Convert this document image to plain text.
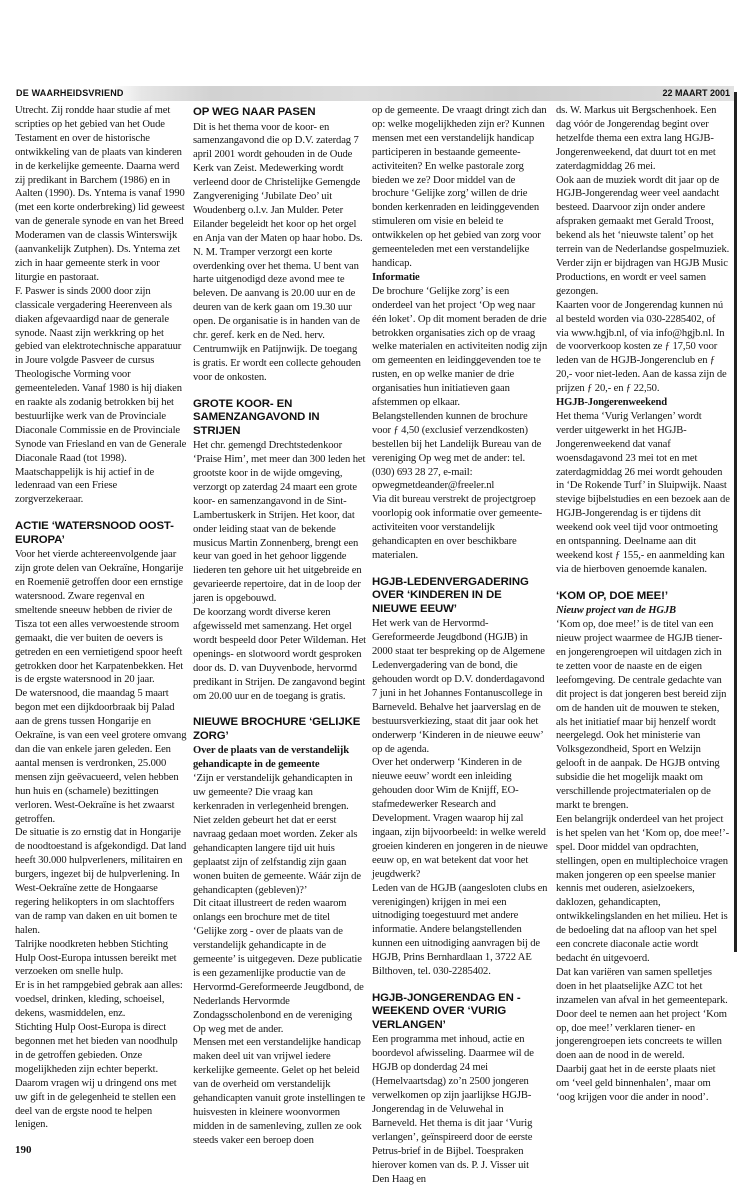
DE WAARHEIDSVRIEND	22 MAART 2001

Utrecht. Zij rondde haar studie af met scripties op het gebied van het Oude Testament en over de historische ontwikkeling van de plaats van kinderen in de kerkelijke gemeente. Daarna werd zij predikant in Barchem (1986) en in Aalten (1990). Ds. Yntema is vanaf 1990 (met een korte onderbreking) lid geweest van de generale synode en van het Breed Moderamen van de classis Winterswijk (aanvankelijk Zutphen). Ds. Yntema zet zich in haar gemeente sterk in voor liturgie en pastoraat.

F. Paswer is sinds 2000 door zijn classicale vergadering Heerenveen als diaken afgevaardigd naar de generale synode. Naast zijn werkkring op het gebied van elektrotechnische apparatuur in Joure volgde Pasveer de cursus Theologische Vorming voor gemeenteleden. Vanaf 1980 is hij diaken en raakte als zodanig betrokken bij het bestuurlijke werk van de Provinciale Diaconale Commissie en de Provinciale Synode van Friesland en van de Generale Diaconale Raad (tot 1998). Maatschappelijk is hij actief in de ledenraad van een Friese zorgverzekeraar.

ACTIE ‘WATERSNOOD OOST-EUROPA’

Voor het vierde achtereenvolgende jaar zijn grote delen van Oekraïne, Hongarije en Roemenië getroffen door een ernstige watersnood. Zware regenval en smeltende sneeuw hebben de rivier de Tisza tot een alles verwoestende stroom gemaakt, die ver buiten de oevers is getreden en een vernietigend spoor heeft getrokken door het Karpatenbekken. Het is de ergste watersnood in 20 jaar.

De watersnood, die maandag 5 maart begon met een dijkdoorbraak bij Palad aan de grens tussen Hongarije en Oekraïne, is van een veel grotere omvang dan die van enkele jaren geleden. Een aantal mensen is verdronken, 25.000 mensen zijn geëvacueerd, velen hebben hun huis en (schamele) bezittingen verloren. West-Oekraïne is het zwaarst getroffen.

De situatie is zo ernstig dat in Hongarije de noodtoestand is afgekondigd. Dat land heeft 30.000 hulpverleners, militairen en burgers, ingezet bij de hulpverlening. In West-Oekraïne zette de Hongaarse regering helikopters in om slachtoffers van de ramp van daken en uit bomen te halen.

Talrijke noodkreten hebben Stichting Hulp Oost-Europa intussen bereikt met verzoeken om snelle hulp.

Er is in het rampgebied gebrak aan alles: voedsel, drinken, kleding, schoeisel, dekens, wasmiddelen, enz.

Stichting Hulp Oost-Europa is direct begonnen met het bieden van noodhulp in de getroffen gebieden. Onze mogelijkheden zijn echter beperkt. Daarom vragen wij u dringend ons met uw gift in de gelegenheid te stellen een deel van de ergste nood te helpen lenigen.

OP WEG NAAR PASEN

Dit is het thema voor de koor- en samenzangavond die op D.V. zaterdag 7 april 2001 wordt gehouden in de Oude Kerk van Zeist. Medewerking wordt verleend door de Christelijke Gemengde Zangvereniging ‘Jubilate Deo’ uit Woudenberg o.l.v. Jan Mulder. Peter Eilander begeleidt het koor op het orgel en Anja van der Maten op haar hobo. Ds. N. M. Tramper verzorgt een korte overdenking over het thema. U bent van harte uitgenodigd deze avond mee te beleven. De aanvang is 20.00 uur en de deuren van de kerk gaan om 19.30 uur open. De organisatie is in handen van de chr. geref. kerk en de Ned. herv. Centrumwijk en Patijnwijk. De toegang is gratis. Er wordt een collecte gehouden voor de onkosten.

GROTE KOOR- EN SAMENZANGAVOND IN STRIJEN

Het chr. gemengd Drechtstedenkoor ‘Praise Him’, met meer dan 300 leden het grootste koor in de wijde omgeving, verzorgt op zaterdag 24 maart een grote koor- en samenzangavond in de Sint-Lambertuskerk in Strijen. Het koor, dat onder leiding staat van de bekende musicus Martin Zonnenberg, brengt een keur van goed in het gehoor liggende liederen ten gehore uit het uitgebreide en gevarieerde repertoire, dat in de loop der jaren is opgebouwd.

De koorzang wordt diverse keren afgewisseld met samenzang. Het orgel wordt bespeeld door Peter Wildeman. Het openings- en slotwoord wordt gesproken door ds. D. van Duyvenbode, hervormd predikant in Strijen. De zangavond begint om 20.00 uur en de toegang is gratis.

NIEUWE BROCHURE ‘GELIJKE ZORG’

Over de plaats van de verstandelijk gehandicapte in de gemeente

‘Zijn er verstandelijk gehandicapten in uw gemeente? Die vraag kan kerkenraden in verlegenheid brengen. Niet zelden gebeurt het dat er eerst navraag gedaan moet worden. Zeker als gehandicapten langere tijd uit huis geplaatst zijn of zelfstandig zijn gaan wonen buiten de gemeente. Wáár zijn de gehandicapten (gebleven)?’

Dit citaat illustreert de reden waarom onlangs een brochure met de titel ‘Gelijke zorg - over de plaats van de verstandelijk gehandicapte in de gemeente’ is uitgegeven. Deze publicatie is een gezamenlijke productie van de Hervormd-Gereformeerde Jeugdbond, de Nederlands Hervormde Zondagsscholenbond en de vereniging Op weg met de ander.

Mensen met een verstandelijke handicap maken deel uit van vrijwel iedere kerkelijke gemeente. Gelet op het beleid van de overheid om verstandelijk gehandicapten vanuit grote instellingen te huisvesten in kleinere woonvormen midden in de samenleving, zullen ze ook steeds vaker een beroep doen

op de gemeente. De vraagt dringt zich dan op: welke mogelijkheden zijn er? Kunnen mensen met een verstandelijk handicap participeren in bestaande gemeente-activiteiten? En welke pastorale zorg bieden we ze? Door middel van de brochure ‘Gelijke zorg’ willen de drie bonden kerkenraden en leidinggevenden stimuleren om visie en beleid te ontwikkelen op het gebied van zorg voor gemeenteleden met een verstandelijke handicap.

Informatie

De brochure ‘Gelijke zorg’ is een onderdeel van het project ‘Op weg naar één loket’. Op dit moment beraden de drie betrokken organisaties zich op de vraag welke materialen en activiteiten nodig zijn om gemeenten en leidinggevenden toe te rusten, en op welke manier de drie organisaties hun initiatieven gaan afstemmen op elkaar.

Belangstellenden kunnen de brochure voor ƒ 4,50 (exclusief verzendkosten) bestellen bij het Landelijk Bureau van de vereniging Op weg met de ander: tel. (030) 693 28 27, e-mail: opwegmetdeander@freeler.nl

Via dit bureau verstrekt de projectgroep voorlopig ook informatie over gemeente-activiteiten voor verstandelijk gehandicapten en over beschikbare materialen.

HGJB-LEDENVERGADERING OVER ‘KINDEREN IN DE NIEUWE EEUW’

Het werk van de Hervormd-Gereformeerde Jeugdbond (HGJB) in 2000 staat ter bespreking op de Algemene Ledenvergadering van de bond, die gehouden wordt op D.V. donderdagavond 7 juni in het Johannes Fontanuscollege in Barneveld. Behalve het jaarverslag en de bestuursverkiezing, staat dit jaar ook het onderwerp ‘Kinderen in de nieuwe eeuw’ op de agenda.

Over het onderwerp ‘Kinderen in de nieuwe eeuw’ wordt een inleiding gehouden door Wim de Knijff, EO-stafmedewerker Research and Development. Vragen waarop hij zal ingaan, zijn bijvoorbeeld: in welke wereld groeien kinderen en jongeren in de nieuwe eeuw op, en wat betekent dat voor het jeugdwerk?

Leden van de HGJB (aangesloten clubs en verenigingen) krijgen in mei een uitnodiging toegestuurd met andere informatie. Andere belangstellenden kunnen een uitnodiging aanvragen bij de HGJB, Prins Bernhardlaan 1, 3722 AE Bilthoven, tel. 030-2285402.

HGJB-JONGERENDAG EN -WEEKEND OVER ‘VURIG VERLANGEN’

Een programma met inhoud, actie en boordevol afwisseling. Daarmee wil de HGJB op donderdag 24 mei (Hemelvaartsdag) zo’n 2500 jongeren verwelkomen op zijn jaarlijkse HGJB-Jongerendag in de Veluwehal in Barneveld. Het thema is dit jaar ‘Vurig verlangen’, geïnspireerd door de eerste Petrus-brief in de Bijbel. Toespraken hierover komen van ds. P. J. Visser uit Den Haag en

ds. W. Markus uit Bergschenhoek. Een dag vóór de Jongerendag begint over hetzelfde thema een extra lang HGJB-Jongerenweekend, dat duurt tot en met zaterdagmiddag 26 mei.

Ook aan de muziek wordt dit jaar op de HGJB-Jongerendag weer veel aandacht besteed. Daarvoor zijn onder andere afspraken gemaakt met Gerald Troost, bekend als het ‘nieuwste talent’ op het terrein van de Nederlandse gospelmuziek. Verder zijn er bijdragen van HGJB Music Productions, en wordt er veel samen gezongen.

Kaarten voor de Jongerendag kunnen nú al besteld worden via 030-2285402, of via www.hgjb.nl, of via info@hgjb.nl. In de voorverkoop kosten ze ƒ 17,50 voor leden van de HGJB-Jongerenclub en ƒ 20,- voor niet-leden. Aan de kassa zijn de prijzen ƒ 20,- en ƒ 22,50.

HGJB-Jongerenweekend

Het thema ‘Vurig Verlangen’ wordt verder uitgewerkt in het HGJB-Jongerenweekend dat vanaf woensdagavond 23 mei tot en met zaterdagmiddag 26 mei wordt gehouden in ‘De Rokende Turf’ in Sluipwijk. Naast stevige bijbelstudies en een bezoek aan de HGJB-Jongerendag is er tijdens dit weekend ook veel tijd voor ontmoeting en ontspanning. Deelname aan dit weekend kost ƒ 155,- en aanmelding kan via de hierboven genoemde kanalen.

‘KOM OP, DOE MEE!’

Nieuw project van de HGJB

‘Kom op, doe mee!’ is de titel van een nieuw project waarmee de HGJB tiener- en jongerengroepen wil uitdagen zich in te zetten voor de naaste en de eigen leefomgeving. De centrale gedachte van dit project is dat jongeren best bereid zijn om de handen uit de mouwen te steken, als het initiatief maar bij henzelf wordt neergelegd. Ook het ministerie van Volksgezondheid, Sport en Welzijn gelooft in de aanpak. De HGJB ontving subsidie die het mogelijk maakt om verschillende projectmaterialen op de markt te brengen.

Een belangrijk onderdeel van het project is het spelen van het ‘Kom op, doe mee!’-spel. Door middel van opdrachten, stellingen, open en multiplechoice vragen maken jongeren op een speelse manier kennis met ouderen, asielzoekers, daklozen, gehandicapten, ontwikkelingslanden en het milieu. Het is de bedoeling dat na afloop van het spel een concrete diaconale actie wordt bedacht én uitgevoerd.

Dat kan variëren van samen spelletjes doen in het plaatselijke AZC tot het inzamelen van afval in het gemeentepark. Door deel te nemen aan het project ‘Kom op, doe mee!’ verklaren tiener- en jongerengroepen iets concreets te willen doen aan de nood in de wereld.

Daarbij gaat het in de eerste plaats niet om ‘veel geld binnenhalen’, maar om ‘oog krijgen voor die ander in nood’.

190
